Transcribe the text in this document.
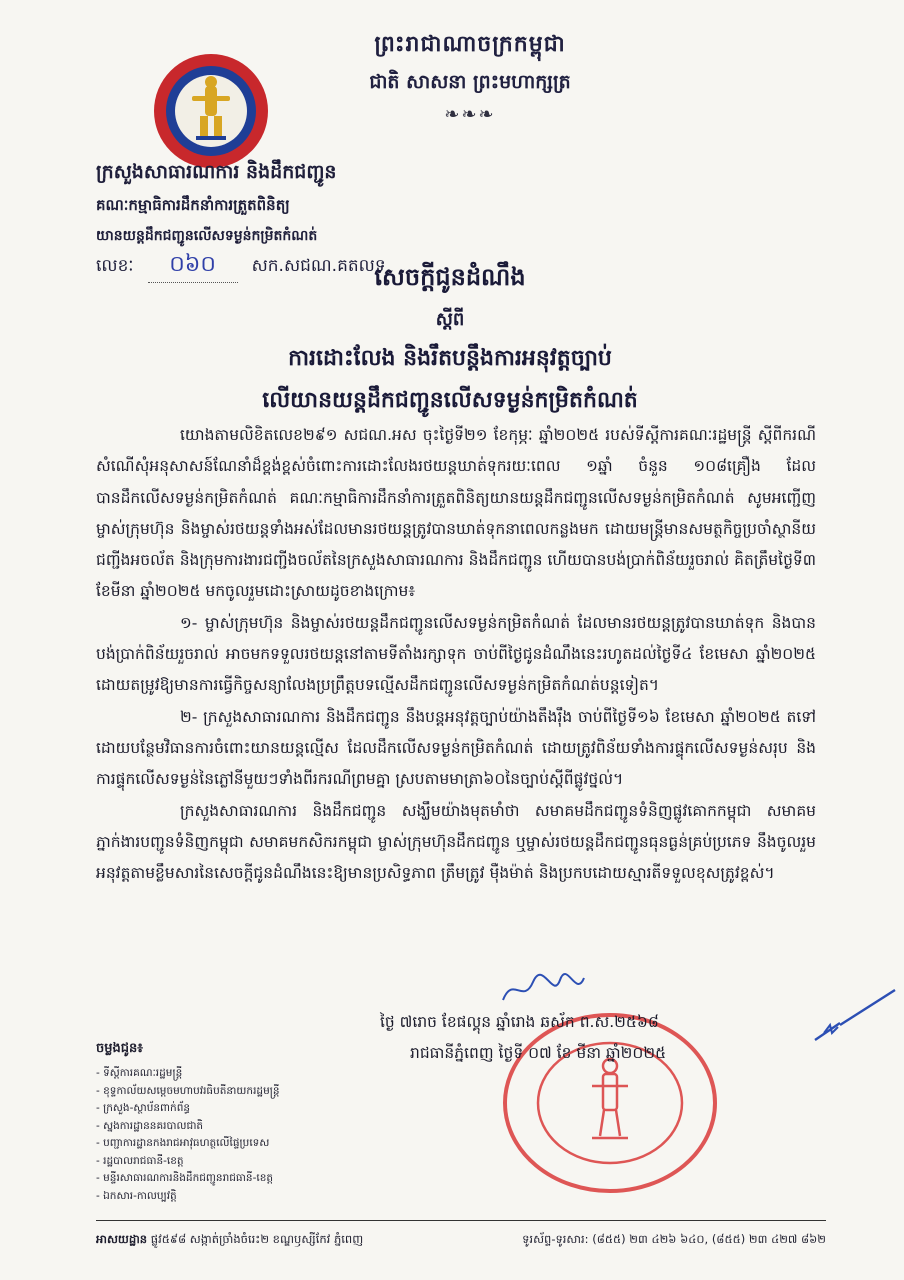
ព្រះរាជាណាចក្រកម្ពុជា
ជាតិ សាសនា ព្រះមហាក្សត្រ
❧❧❧
ក្រសួងសាធារណការ និងដឹកជញ្ជូន
គណៈកម្មាធិការដឹកនាំការត្រួតពិនិត្យ
យានយន្តដឹកជញ្ជូនលើសទម្ងន់កម្រិតកំណត់
លេខៈ	០៦០	សក.សជណ.គតលទ
សេចក្តីជូនដំណឹង
ស្តីពី
ការដោះលែង និងរឹតបន្តឹងការអនុវត្តច្បាប់
លើយានយន្តដឹកជញ្ជូនលើសទម្ងន់កម្រិតកំណត់

យោងតាមលិខិតលេខ២៩១ សជណ.អស ចុះថ្ងៃទី២១ ខែកុម្ភៈ ឆ្នាំ២០២៥ របស់ទីស្តីការគណៈរដ្ឋមន្ត្រី ស្តីពីករណីសំណើសុំអនុសាសន៍ណែនាំដ៏ខ្ពង់ខ្ពស់ចំពោះការដោះលែងរថយន្តឃាត់ទុករយៈពេល ១ឆ្នាំ ចំនួន ១០៨គ្រឿង ដែលបានដឹកលើសទម្ងន់កម្រិតកំណត់ គណៈកម្មាធិការដឹកនាំការត្រួតពិនិត្យយានយន្តដឹកជញ្ជូនលើសទម្ងន់កម្រិតកំណត់ សូមអញ្ជើញ ម្ចាស់ក្រុមហ៊ុន និងម្ចាស់រថយន្តទាំងអស់ដែលមានរថយន្តត្រូវបានឃាត់ទុកនាពេលកន្លងមក ដោយមន្ត្រីមានសមត្ថកិច្ចប្រចាំស្ថានីយជញ្ជីងអចល័ត និងក្រុមការងារជញ្ជីងចល័តនៃក្រសួងសាធារណការ និងដឹកជញ្ជូន ហើយបានបង់ប្រាក់ពិន័យរួចរាល់ គិតត្រឹមថ្ងៃទី៣ ខែមីនា ឆ្នាំ២០២៥ មកចូលរួមដោះស្រាយដូចខាងក្រោម៖

១- ម្ចាស់ក្រុមហ៊ុន និងម្ចាស់រថយន្តដឹកជញ្ជូនលើសទម្ងន់កម្រិតកំណត់ ដែលមានរថយន្តត្រូវបានឃាត់ទុក និងបានបង់ប្រាក់ពិន័យរួចរាល់ អាចមកទទួលរថយន្តនៅតាមទីតាំងរក្សាទុក ចាប់ពីថ្ងៃជូនដំណឹងនេះរហូតដល់ថ្ងៃទី៤ ខែមេសា ឆ្នាំ២០២៥ ដោយតម្រូវឱ្យមានការធ្វើកិច្ចសន្យាលែងប្រព្រឹត្តបទល្មើសដឹកជញ្ជូនលើសទម្ងន់កម្រិតកំណត់បន្តទៀត។

២- ក្រសួងសាធារណការ និងដឹកជញ្ជូន នឹងបន្តអនុវត្តច្បាប់យ៉ាងតឹងរ៉ឹង ចាប់ពីថ្ងៃទី១៦ ខែមេសា ឆ្នាំ២០២៥ តទៅ ដោយបន្ថែមវិធានការចំពោះយានយន្តល្មើស ដែលដឹកលើសទម្ងន់កម្រិតកំណត់ ដោយត្រូវពិន័យទាំងការផ្ទុកលើសទម្ងន់សរុប និងការផ្ទុកលើសទម្ងន់នៃភ្លៅនីមួយៗទាំងពីរករណីព្រមគ្នា ស្របតាមមាត្រា៦០នៃច្បាប់ស្តីពីផ្លូវថ្នល់។

ក្រសួងសាធារណការ និងដឹកជញ្ជូន សង្ឃឹមយ៉ាងមុតមាំថា សមាគមដឹកជញ្ជូនទំនិញផ្លូវគោកកម្ពុជា សមាគមភ្នាក់ងារបញ្ជូនទំនិញកម្ពុជា សមាគមកសិករកម្ពុជា ម្ចាស់ក្រុមហ៊ុនដឹកជញ្ជូន ឬម្ចាស់រថយន្តដឹកជញ្ជូនធុនធ្ងន់គ្រប់ប្រភេទ នឹងចូលរួមអនុវត្តតាមខ្លឹមសារនៃសេចក្តីជូនដំណឹងនេះឱ្យមានប្រសិទ្ធភាព ត្រឹមត្រូវ ម៉ឺងម៉ាត់ និងប្រកបដោយស្មារតីទទួលខុសត្រូវខ្ពស់។

ថ្ងៃ ៧រោច ខែផល្គុន ឆ្នាំរោង ឆស័ក ព.ស.២៥៦៨
រាជធានីភ្នំពេញ ថ្ងៃទី ០៧ ខែ មីនា ឆ្នាំ២០២៥
ចម្លងជូន៖
- ទីស្តីការគណៈរដ្ឋមន្ត្រី
- ខុទ្ទកាល័យសម្តេចមហាបវរធិបតីនាយករដ្ឋមន្ត្រី
- ក្រសួង-ស្ថាប័នពាក់ព័ន្ធ
- ស្នងការដ្ឋាននគរបាលជាតិ
- បញ្ជាការដ្ឋានកងរាជអាវុធហត្ថលើផ្ទៃប្រទេស
- រដ្ឋបាលរាជធានី-ខេត្ត
- មន្ទីរសាធារណការនិងដឹកជញ្ជូនរាជធានី-ខេត្ត
- ឯកសារ-កាលប្បវត្តិ
អាសយដ្ឋាន ផ្លូវ៥៩៨ សង្កាត់ច្រាំងចំរេះ២ ខណ្ឌឫស្សីកែវ ភ្នំពេញ	ទូរស័ព្ទ-ទូរសារ: (៨៥៥) ២៣ ៤២៦ ៦៤០, (៨៥៥) ២៣ ៤២៧ ៨៦២
